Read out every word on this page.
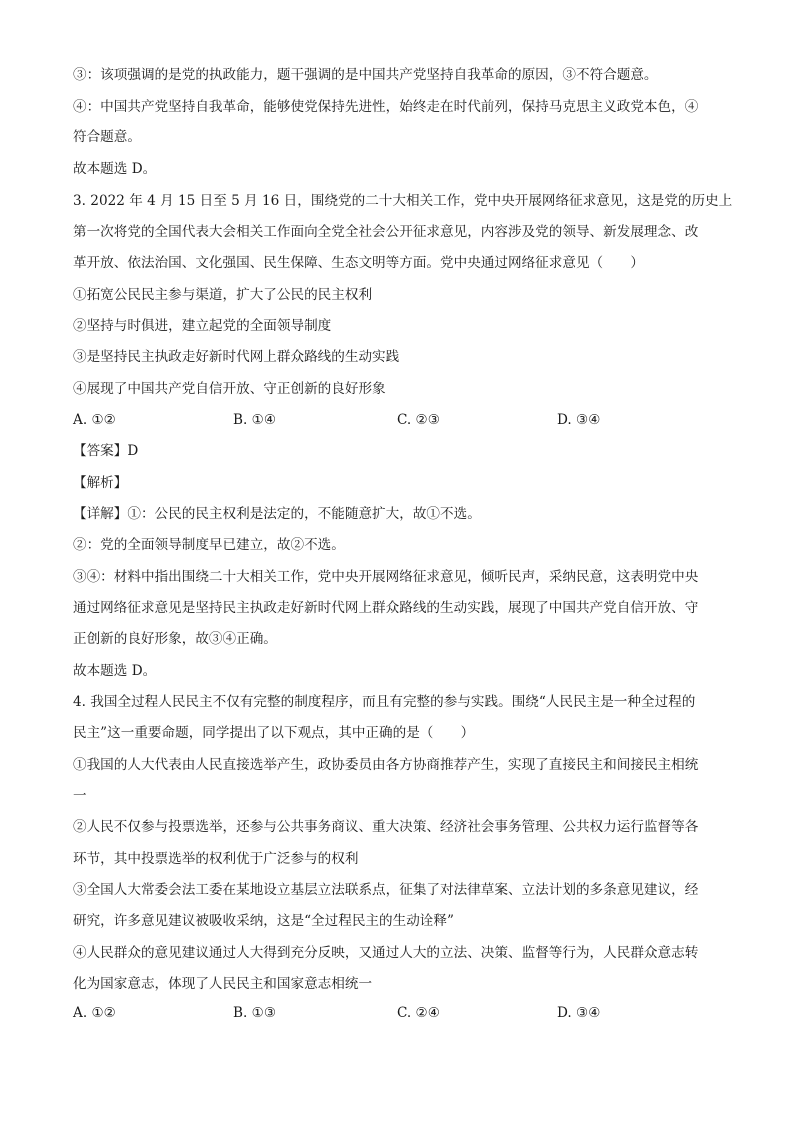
③：该项强调的是党的执政能力，题干强调的是中国共产党坚持自我革命的原因，③不符合题意。
④：中国共产党坚持自我革命，能够使党保持先进性，始终走在时代前列，保持马克思主义政党本色，④
符合题意。
故本题选 D。
3. 2022 年 4 月 15 日至 5 月 16 日，围绕党的二十大相关工作，党中央开展网络征求意见，这是党的历史上
第一次将党的全国代表大会相关工作面向全党全社会公开征求意见，内容涉及党的领导、新发展理念、改
革开放、依法治国、文化强国、民生保障、生态文明等方面。党中央通过网络征求意见（　　）
①拓宽公民民主参与渠道，扩大了公民的民主权利
②坚持与时俱进，建立起党的全面领导制度
③是坚持民主执政走好新时代网上群众路线的生动实践
④展现了中国共产党自信开放、守正创新的良好形象
A. ①②	B. ①④	C. ②③	D. ③④
【答案】D
【解析】
【详解】①：公民的民主权利是法定的，不能随意扩大，故①不选。
②：党的全面领导制度早已建立，故②不选。
③④：材料中指出围绕二十大相关工作，党中央开展网络征求意见，倾听民声，采纳民意，这表明党中央
通过网络征求意见是坚持民主执政走好新时代网上群众路线的生动实践，展现了中国共产党自信开放、守
正创新的良好形象，故③④正确。
故本题选 D。
4. 我国全过程人民民主不仅有完整的制度程序，而且有完整的参与实践。围绕“人民民主是一种全过程的
民主”这一重要命题，同学提出了以下观点，其中正确的是（　　）
①我国的人大代表由人民直接选举产生，政协委员由各方协商推荐产生，实现了直接民主和间接民主相统
一
②人民不仅参与投票选举，还参与公共事务商议、重大决策、经济社会事务管理、公共权力运行监督等各
环节，其中投票选举的权利优于广泛参与的权利
③全国人大常委会法工委在某地设立基层立法联系点，征集了对法律草案、立法计划的多条意见建议，经
研究，许多意见建议被吸收采纳，这是“全过程民主的生动诠释”
④人民群众的意见建议通过人大得到充分反映，又通过人大的立法、决策、监督等行为，人民群众意志转
化为国家意志，体现了人民民主和国家意志相统一
A. ①②	B. ①③	C. ②④	D. ③④
